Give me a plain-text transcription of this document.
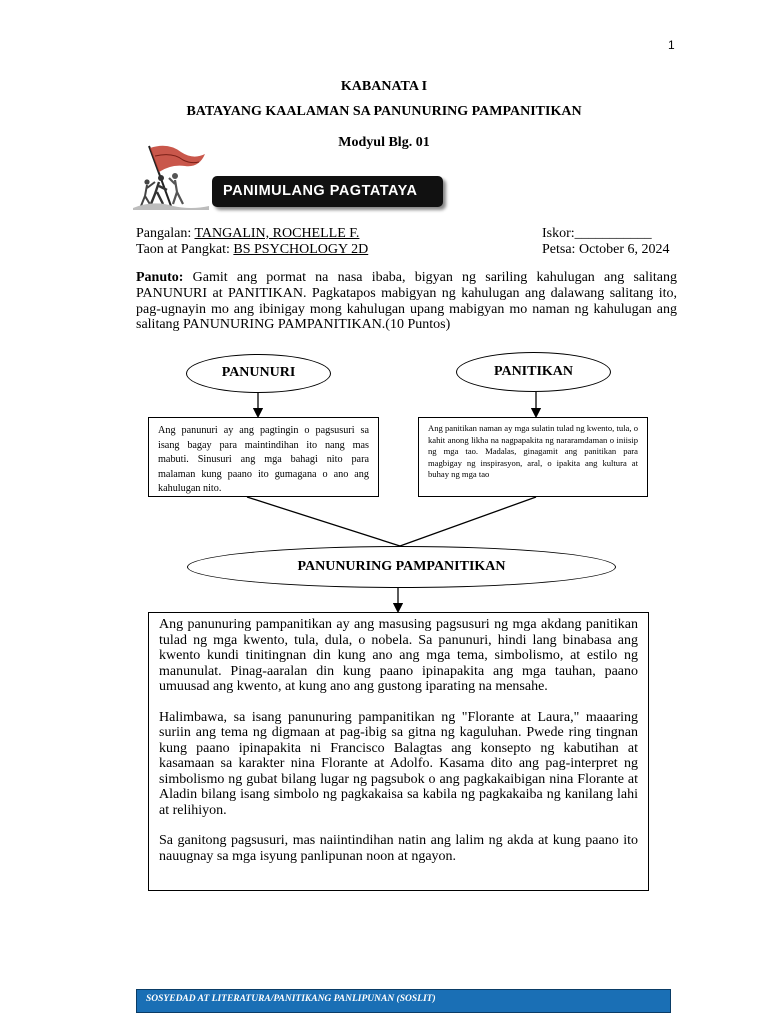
1
KABANATA I
BATAYANG KAALAMAN SA PANUNURING PAMPANITIKAN
Modyul Blg. 01
PANIMULANG PAGTATAYA
Pangalan: TANGALIN, ROCHELLE F.
Taon at Pangkat: BS PSYCHOLOGY 2D
Iskor:___________
Petsa: October 6, 2024
Panuto: Gamit ang pormat na nasa ibaba, bigyan ng sariling kahulugan ang salitang PANUNURI at PANITIKAN. Pagkatapos mabigyan ng kahulugan ang dalawang salitang ito, pag-ugnayin mo ang ibinigay mong kahulugan upang mabigyan mo naman ng kahulugan ang salitang PANUNURING PAMPANITIKAN.(10 Puntos)
PANUNURI	PANITIKAN
Ang panunuri ay ang pagtingin o pagsusuri sa isang bagay para maintindihan ito nang mas mabuti. Sinusuri ang mga bahagi nito para malaman kung paano ito gumagana o ano ang kahulugan nito.
Ang panitikan naman ay mga sulatin tulad ng kwento, tula, o kahit anong likha na nagpapakita ng nararamdaman o iniisip ng mga tao. Madalas, ginagamit ang panitikan para magbigay ng inspirasyon, aral, o ipakita ang kultura at buhay ng mga tao
PANUNURING PAMPANITIKAN

Ang panunuring pampanitikan ay ang masusing pagsusuri ng mga akdang panitikan tulad ng mga kwento, tula, dula, o nobela. Sa panunuri, hindi lang binabasa ang kwento kundi tinitingnan din kung ano ang mga tema, simbolismo, at estilo ng manunulat. Pinag-aaralan din kung paano ipinapakita ang mga tauhan, paano umuusad ang kwento, at kung ano ang gustong iparating na mensahe.

Halimbawa, sa isang panunuring pampanitikan ng "Florante at Laura," maaaring suriin ang tema ng digmaan at pag-ibig sa gitna ng kaguluhan. Pwede ring tingnan kung paano ipinapakita ni Francisco Balagtas ang konsepto ng kabutihan at kasamaan sa karakter nina Florante at Adolfo. Kasama dito ang pag-interpret ng simbolismo ng gubat bilang lugar ng pagsubok o ang pagkakaibigan nina Florante at Aladin bilang isang simbolo ng pagkakaisa sa kabila ng pagkakaiba ng kanilang lahi at relihiyon.

Sa ganitong pagsusuri, mas naiintindihan natin ang lalim ng akda at kung paano ito nauugnay sa mga isyung panlipunan noon at ngayon.

SOSYEDAD AT LITERATURA/PANITIKANG PANLIPUNAN (SOSLIT)
